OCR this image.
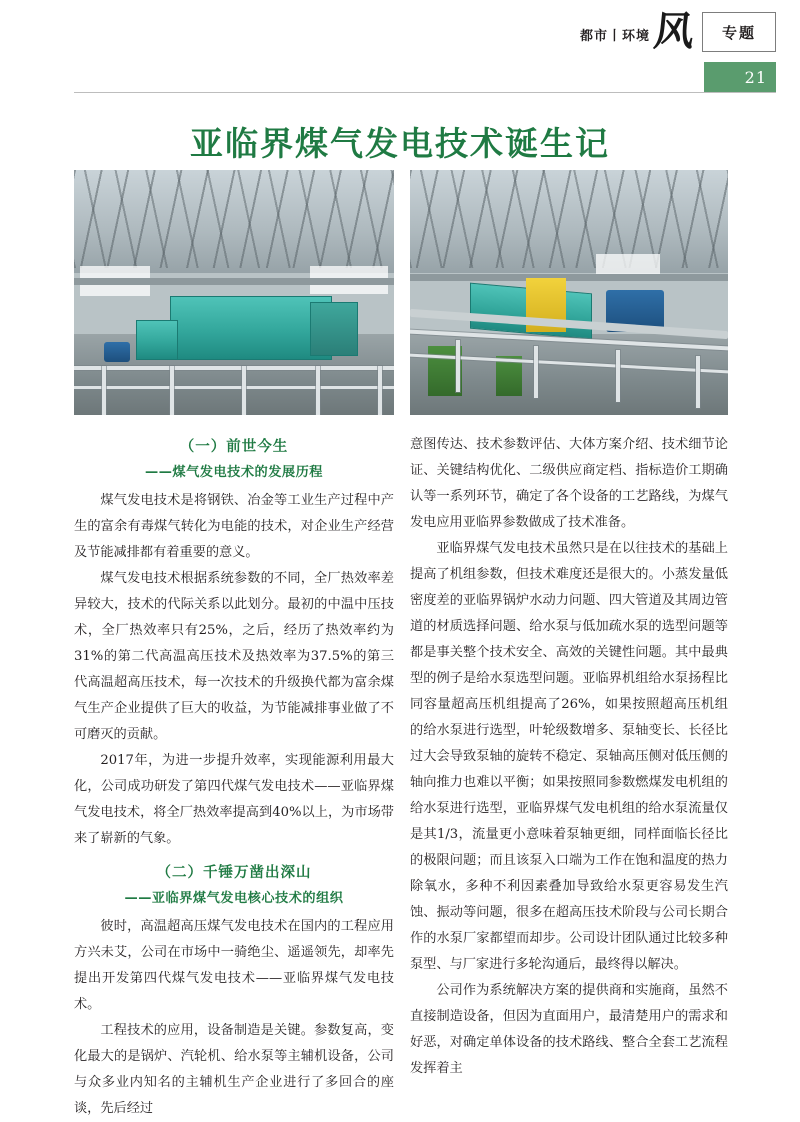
都市丨环境 风	专题
21
亚临界煤气发电技术诞生记
（一）前世今生
——煤气发电技术的发展历程

煤气发电技术是将钢铁、冶金等工业生产过程中产生的富余有毒煤气转化为电能的技术，对企业生产经营及节能减排都有着重要的意义。

煤气发电技术根据系统参数的不同，全厂热效率差异较大，技术的代际关系以此划分。最初的中温中压技术，全厂热效率只有25%，之后，经历了热效率约为31%的第二代高温高压技术及热效率为37.5%的第三代高温超高压技术，每一次技术的升级换代都为富余煤气生产企业提供了巨大的收益，为节能减排事业做了不可磨灭的贡献。

2017年，为进一步提升效率，实现能源利用最大化，公司成功研发了第四代煤气发电技术——亚临界煤气发电技术，将全厂热效率提高到40%以上，为市场带来了崭新的气象。

（二）千锤万凿出深山
——亚临界煤气发电核心技术的组织

彼时，高温超高压煤气发电技术在国内的工程应用方兴未艾，公司在市场中一骑绝尘、遥遥领先，却率先提出开发第四代煤气发电技术——亚临界煤气发电技术。

工程技术的应用，设备制造是关键。参数复高，变化最大的是锅炉、汽轮机、给水泵等主辅机设备，公司与众多业内知名的主辅机生产企业进行了多回合的座谈，先后经过

意图传达、技术参数评估、大体方案介绍、技术细节论证、关键结构优化、二级供应商定档、指标造价工期确认等一系列环节，确定了各个设备的工艺路线，为煤气发电应用亚临界参数做成了技术准备。

亚临界煤气发电技术虽然只是在以往技术的基础上提高了机组参数，但技术难度还是很大的。小蒸发量低密度差的亚临界锅炉水动力问题、四大管道及其周边管道的材质选择问题、给水泵与低加疏水泵的选型问题等都是事关整个技术安全、高效的关键性问题。其中最典型的例子是给水泵选型问题。亚临界机组给水泵扬程比同容量超高压机组提高了26%，如果按照超高压机组的给水泵进行选型，叶轮级数增多、泵轴变长、长径比过大会导致泵轴的旋转不稳定、泵轴高压侧对低压侧的轴向推力也难以平衡；如果按照同参数燃煤发电机组的给水泵进行选型，亚临界煤气发电机组的给水泵流量仅是其1/3，流量更小意味着泵轴更细，同样面临长径比的极限问题；而且该泵入口端为工作在饱和温度的热力除氧水，多种不利因素叠加导致给水泵更容易发生汽蚀、振动等问题，很多在超高压技术阶段与公司长期合作的水泵厂家都望而却步。公司设计团队通过比较多种泵型、与厂家进行多轮沟通后，最终得以解决。

公司作为系统解决方案的提供商和实施商，虽然不直接制造设备，但因为直面用户，最清楚用户的需求和好恶，对确定单体设备的技术路线、整合全套工艺流程发挥着主
